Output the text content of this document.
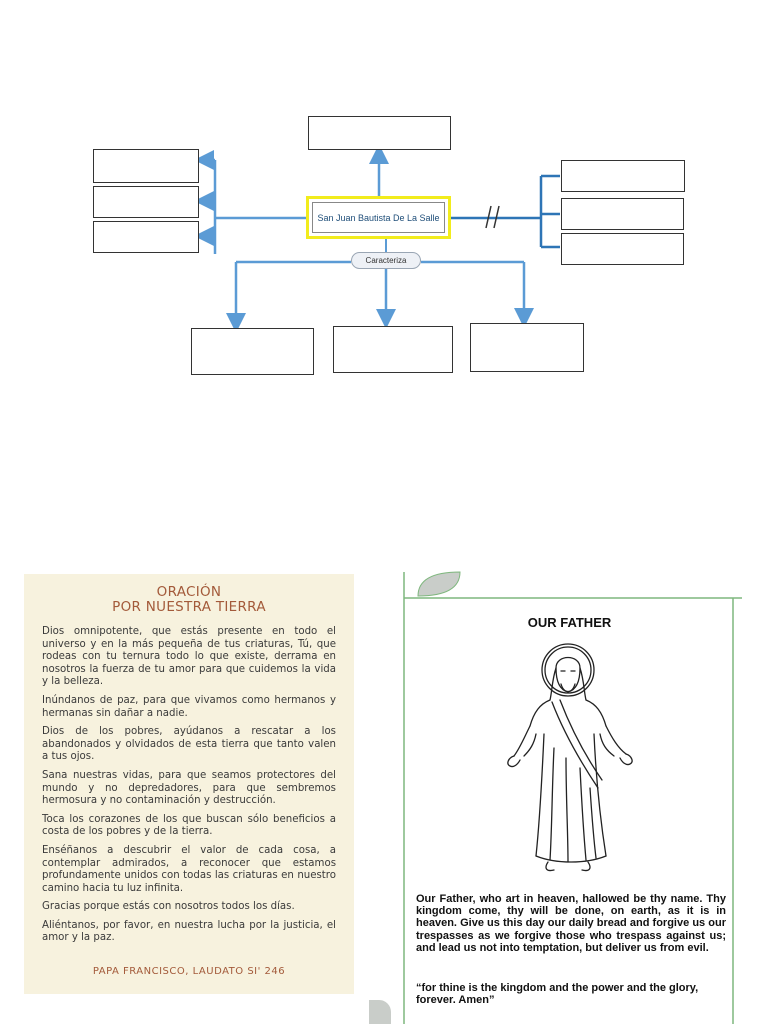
San Juan Bautista De La Salle
Caracteriza
ORACIÓN
POR NUESTRA TIERRA

Dios omnipotente, que estás presente en todo el universo y en la más pequeña de tus criaturas, Tú, que rodeas con tu ternura todo lo que existe, derrama en nosotros la fuerza de tu amor para que cuidemos la vida y la belleza.

Inúndanos de paz, para que vivamos como hermanos y hermanas sin dañar a nadie.

Dios de los pobres, ayúdanos a rescatar a los abandonados y olvidados de esta tierra que tanto valen a tus ojos.

Sana nuestras vidas, para que seamos protectores del mundo y no depredadores, para que sembremos hermosura y no contaminación y destrucción.

Toca los corazones de los que buscan sólo beneficios a costa de los pobres y de la tierra.

Enséñanos a descubrir el valor de cada cosa, a contemplar admirados, a reconocer que estamos profundamente unidos con todas las criaturas en nuestro camino hacia tu luz infinita.

Gracias porque estás con nosotros todos los días.

Aliéntanos, por favor, en nuestra lucha por la justicia, el amor y la paz.

PAPA FRANCISCO, LAUDATO SI' 246
OUR FATHER

Our Father, who art in heaven, hallowed be thy name. Thy kingdom come, thy will be done, on earth, as it is in heaven. Give us this day our daily bread and forgive us our trespasses as we forgive those who trespass against us; and lead us not into temptation, but deliver us from evil.

“for thine is the kingdom and the power and the glory, forever. Amen”
